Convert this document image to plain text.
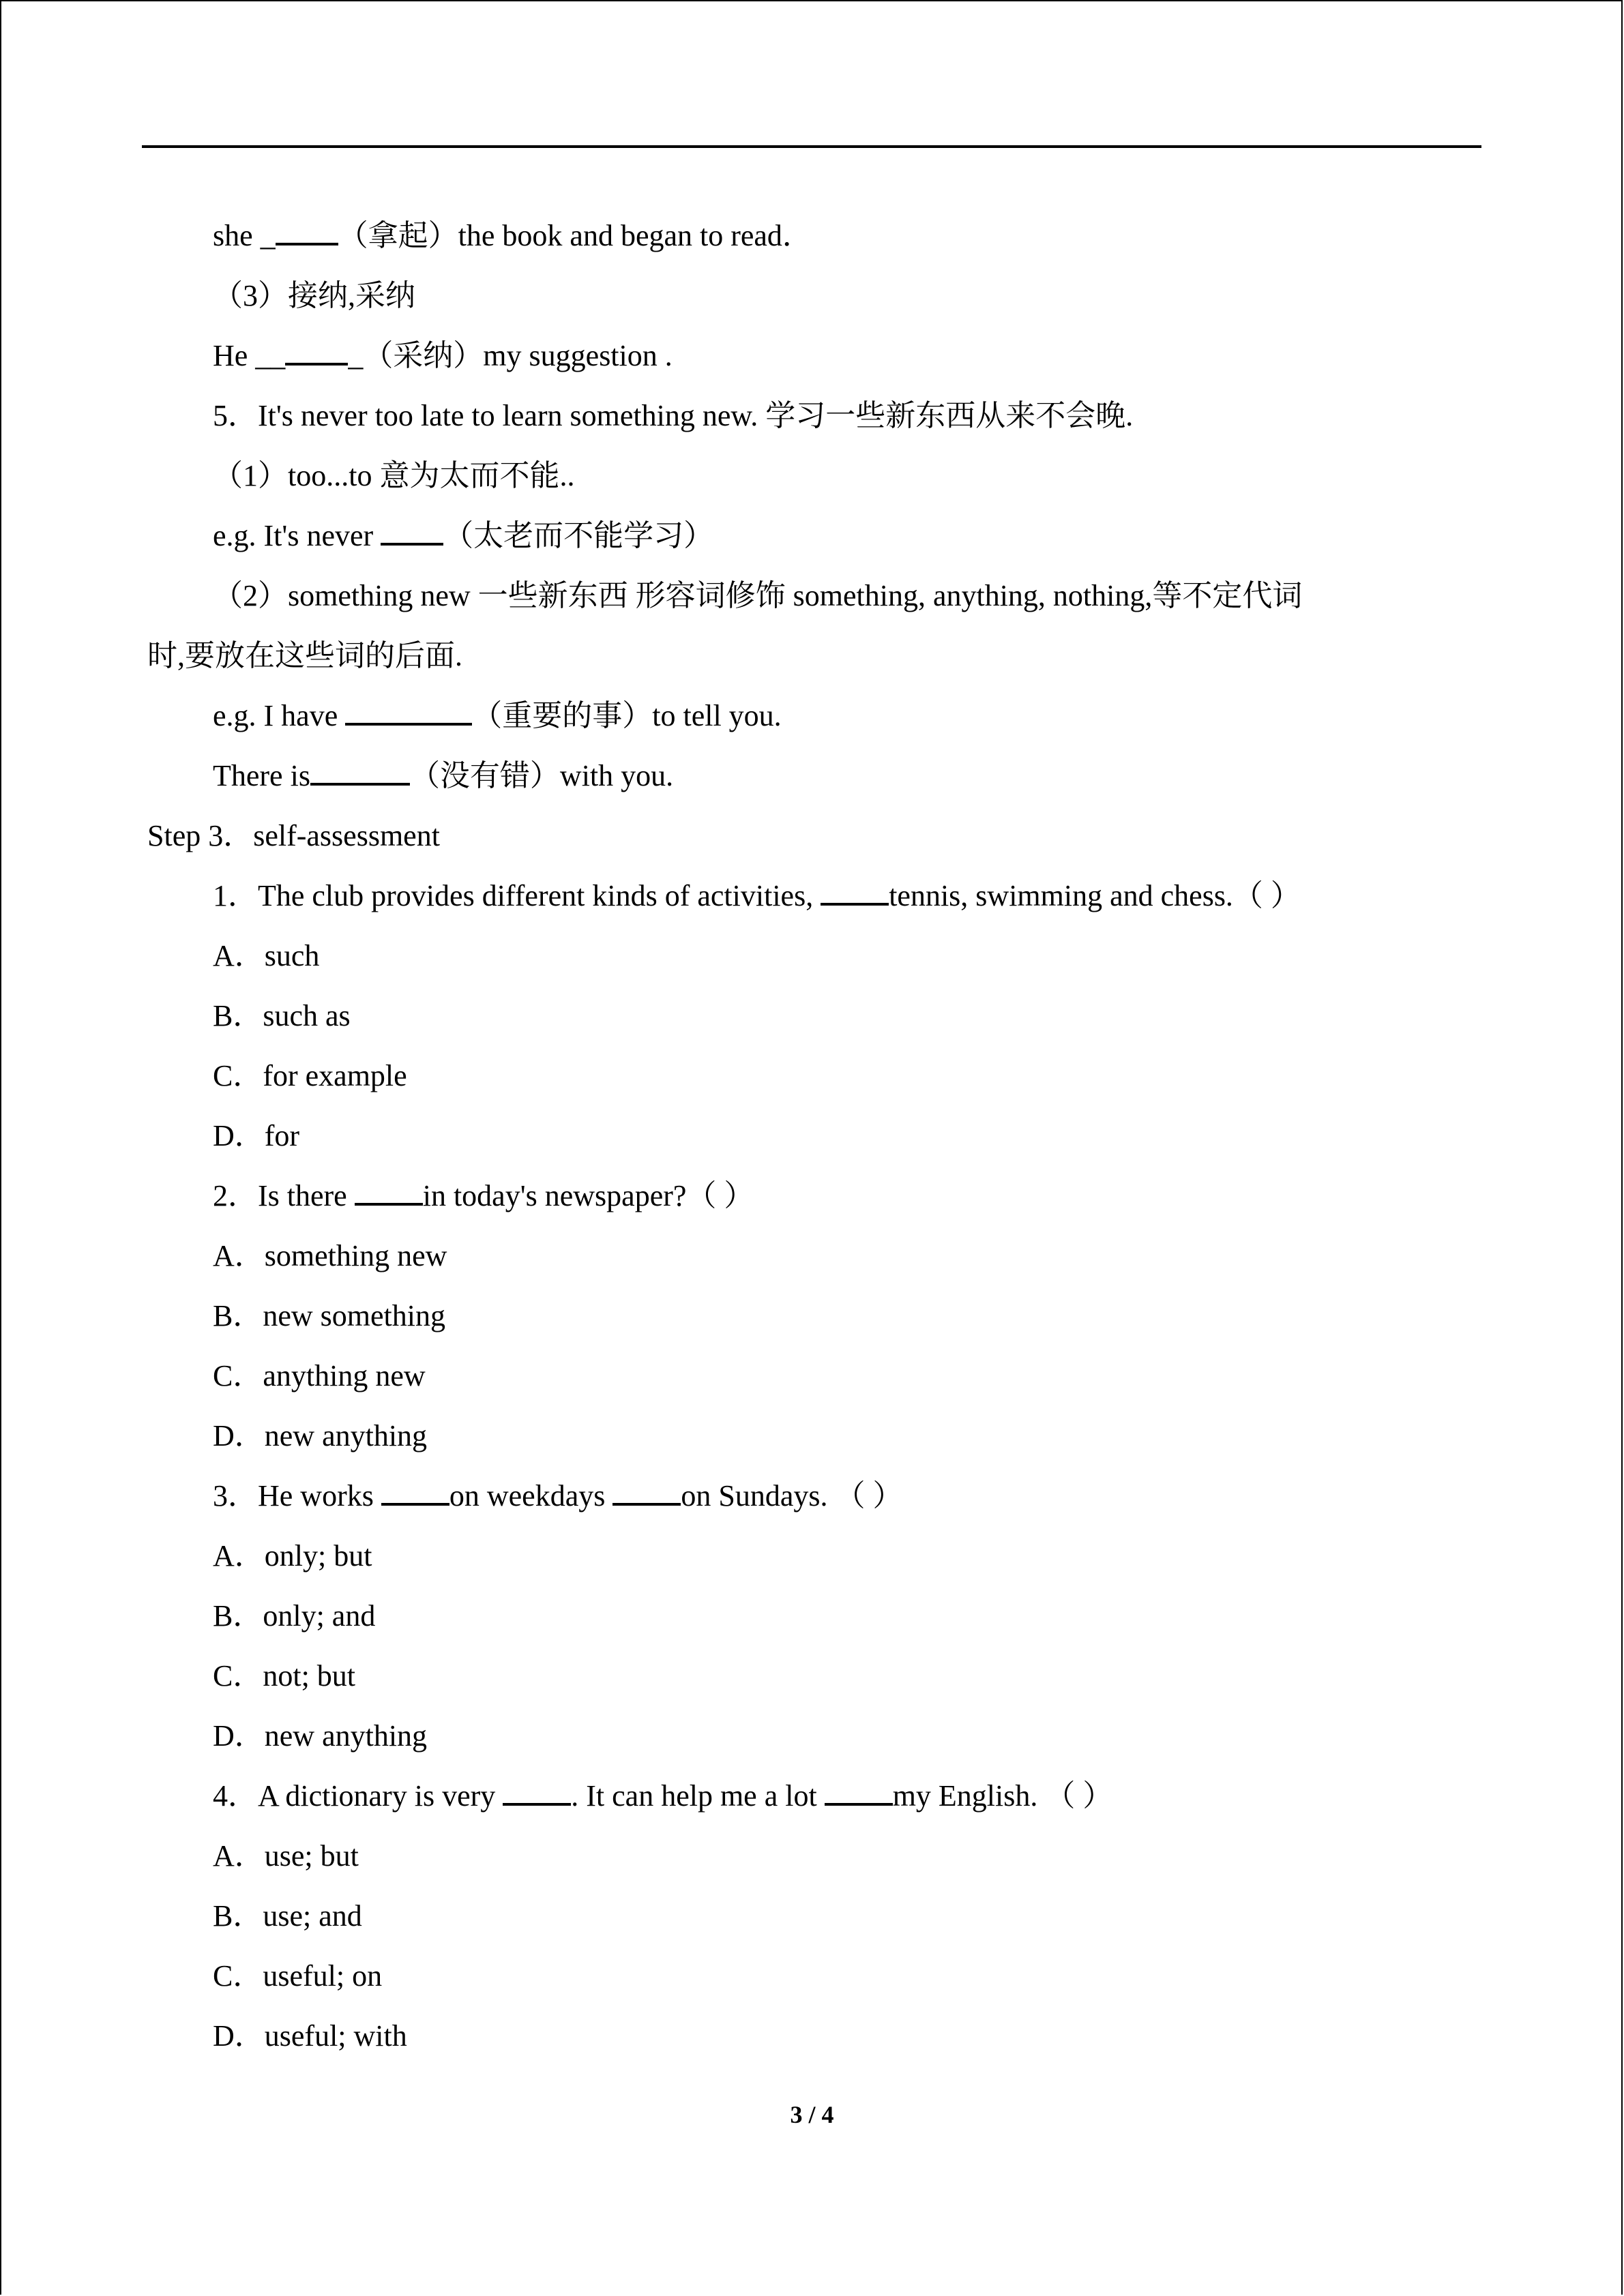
she _ （拿起）the book and began to read．
（3）接纳,采纳
He __ _（采纳）my suggestion .
5．It's never too late to learn something new. 学习一些新东西从来不会晚.
（1）too...to 意为太而不能..
e.g. It's never （太老而不能学习）
（2）something new 一些新东西 形容词修饰 something, anything, nothing,等不定代词
时,要放在这些词的后面.
e.g. I have	（重要的事）to tell you.
There is	（没有错）with you.
Step 3．self-assessment
1．The club provides different kinds of activities, tennis, swimming and chess.（ ）
A．such
B．such as
C．for example
D．for
2．Is there in today's newspaper?（ ）
A．something new
B．new something
C．anything new
D．new anything
3．He works on weekdays on Sundays. （ ）
A．only; but
B．only; and
C．not; but
D．new anything
4．A dictionary is very . It can help me a lot my English. （ ）
A．use; but
B．use; and
C．useful; on
D．useful; with
3 / 4
